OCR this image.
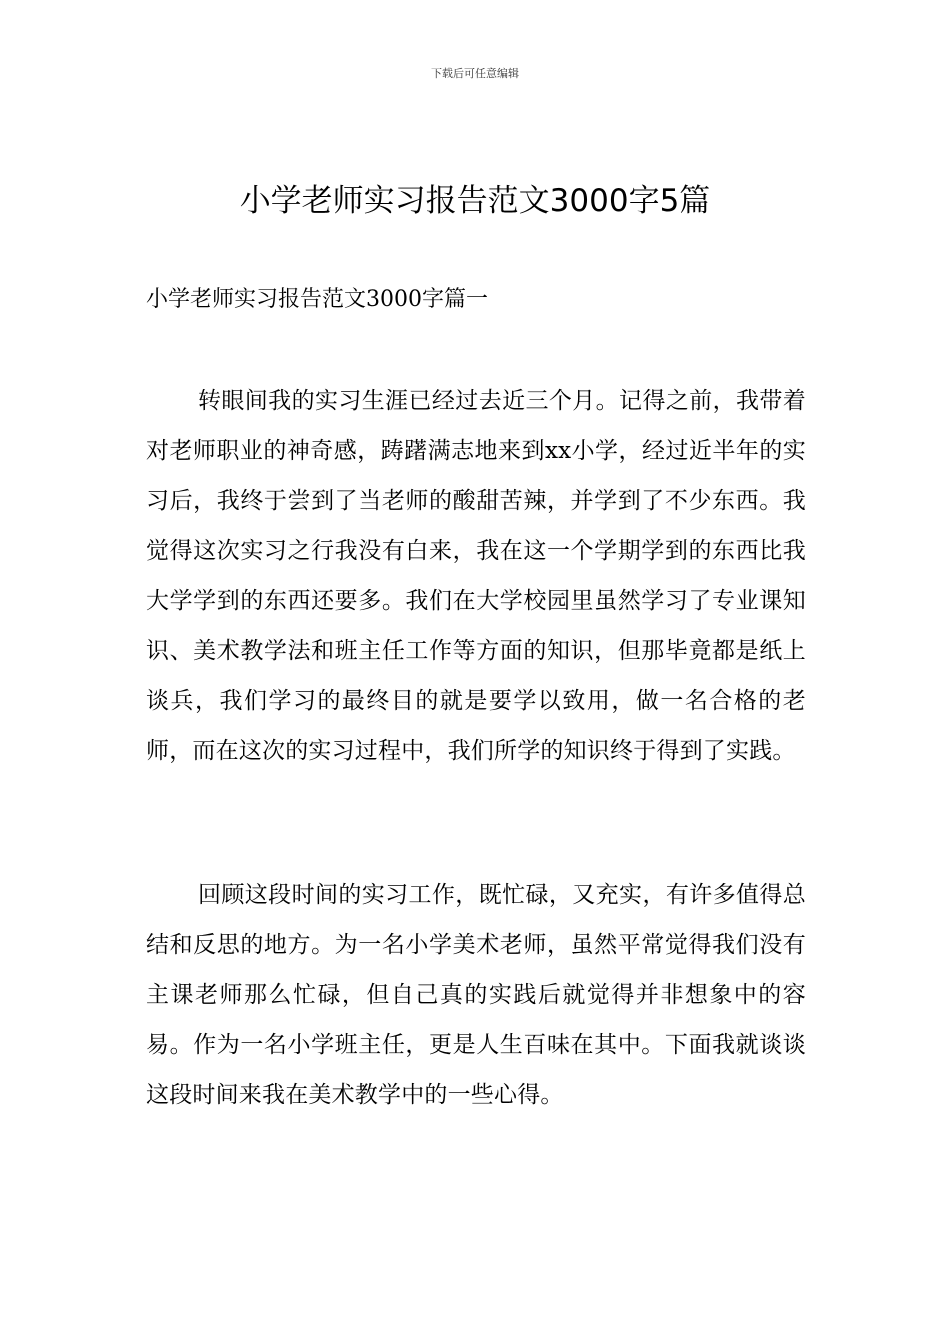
下载后可任意编辑
小学老师实习报告范文3000字5篇
小学老师实习报告范文3000字篇一

转眼间我的实习生涯已经过去近三个月。记得之前，我带着对老师职业的神奇感，踌躇满志地来到xx小学，经过近半年的实习后，我终于尝到了当老师的酸甜苦辣，并学到了不少东西。我觉得这次实习之行我没有白来，我在这一个学期学到的东西比我大学学到的东西还要多。我们在大学校园里虽然学习了专业课知识、美术教学法和班主任工作等方面的知识，但那毕竟都是纸上谈兵，我们学习的最终目的就是要学以致用，做一名合格的老师，而在这次的实习过程中，我们所学的知识终于得到了实践。

回顾这段时间的实习工作，既忙碌，又充实，有许多值得总结和反思的地方。为一名小学美术老师，虽然平常觉得我们没有主课老师那么忙碌，但自己真的实践后就觉得并非想象中的容易。作为一名小学班主任，更是人生百味在其中。下面我就谈谈这段时间来我在美术教学中的一些心得。
